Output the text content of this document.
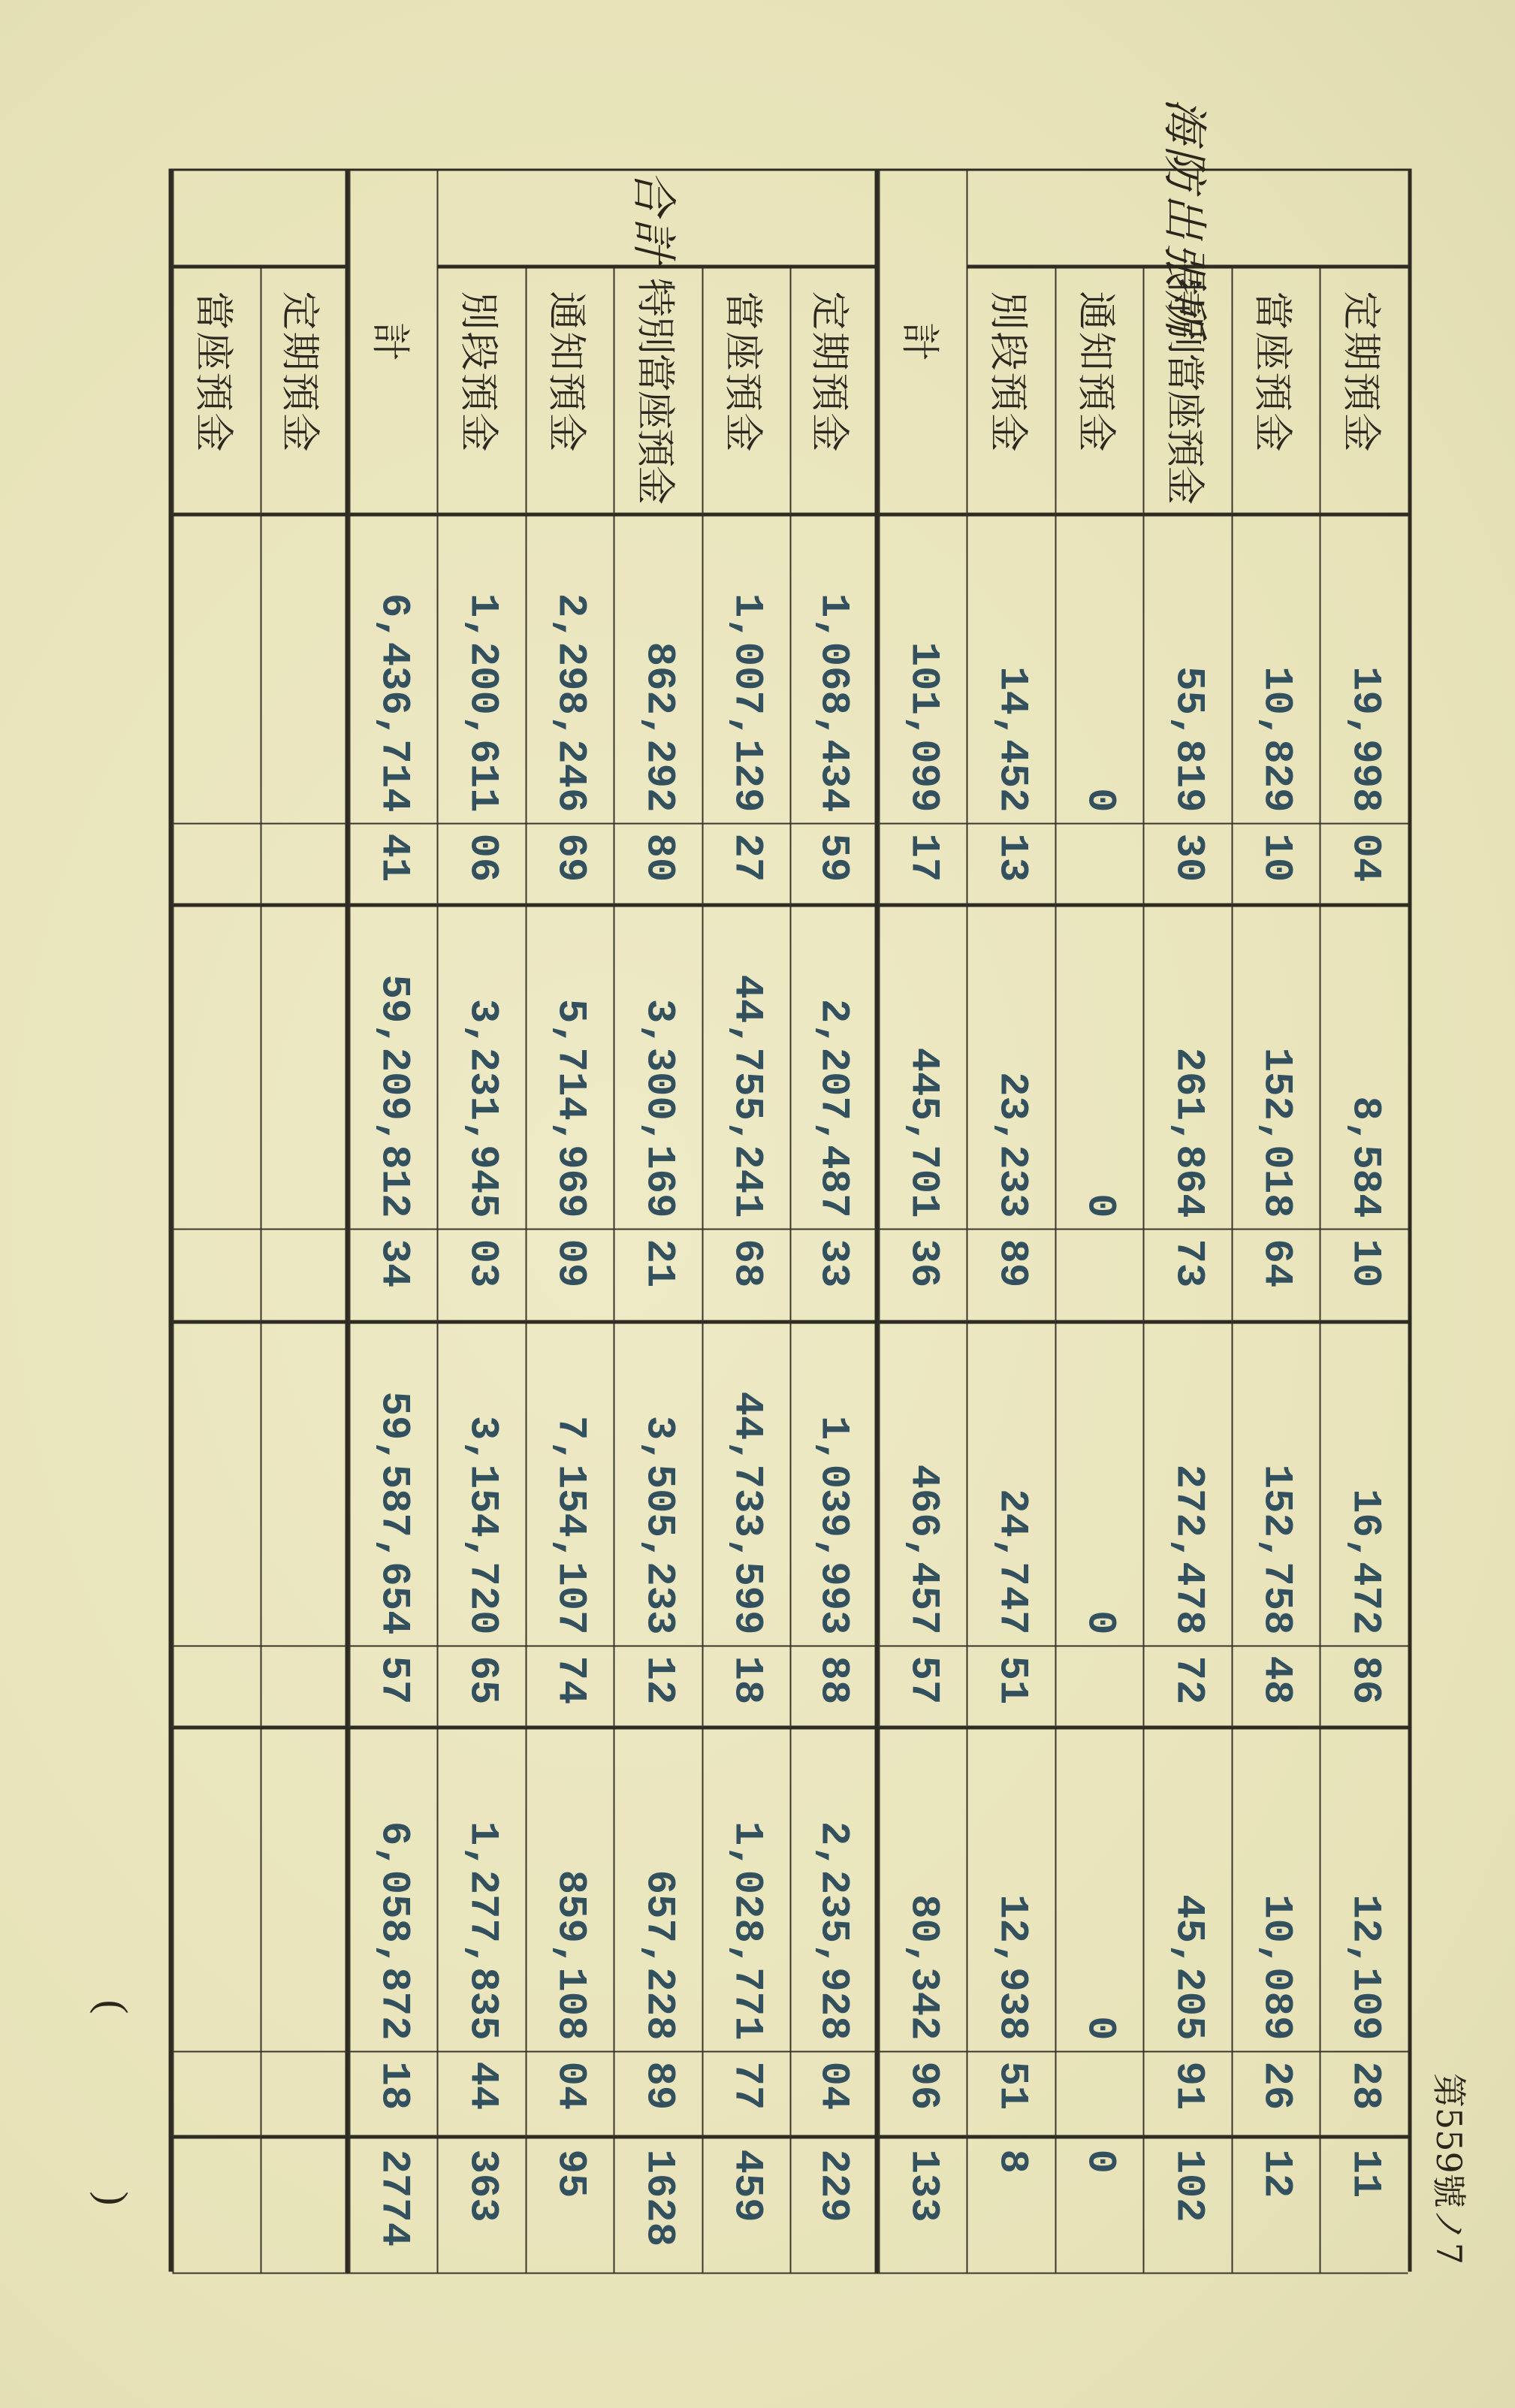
海防出張所
定期預金
19,998
04
8,584
10
16,472
86
12,109
28
11
當座預金
10,829
10
152,018
64
152,758
48
10,089
26
12
特別當座預金
55,819
30
261,864
73
272,478
72
45,205
91
102
通知預金
0
0
0
0
0
別段預金
14,452
13
23,233
89
24,747
51
12,938
51
8
計
101,099
17
445,701
36
466,457
57
80,342
96
133
合計
定期預金
1,068,434
59
2,207,487
33
1,039,993
88
2,235,928
04
229
當座預金
1,007,129
27
44,755,241
68
44,733,599
18
1,028,771
77
459
特別當座預金
862,292
80
3,300,169
21
3,505,233
12
657,228
89
1628
通知預金
2,298,246
69
5,714,969
09
7,154,107
74
859,108
04
95
別段預金
1,200,611
06
3,231,945
03
3,154,720
65
1,277,835
44
363
計
6,436,714
41
59,209,812
34
59,587,654
57
6,058,872
18
2774
定期預金
當座預金
第559號ノ7
(
)
